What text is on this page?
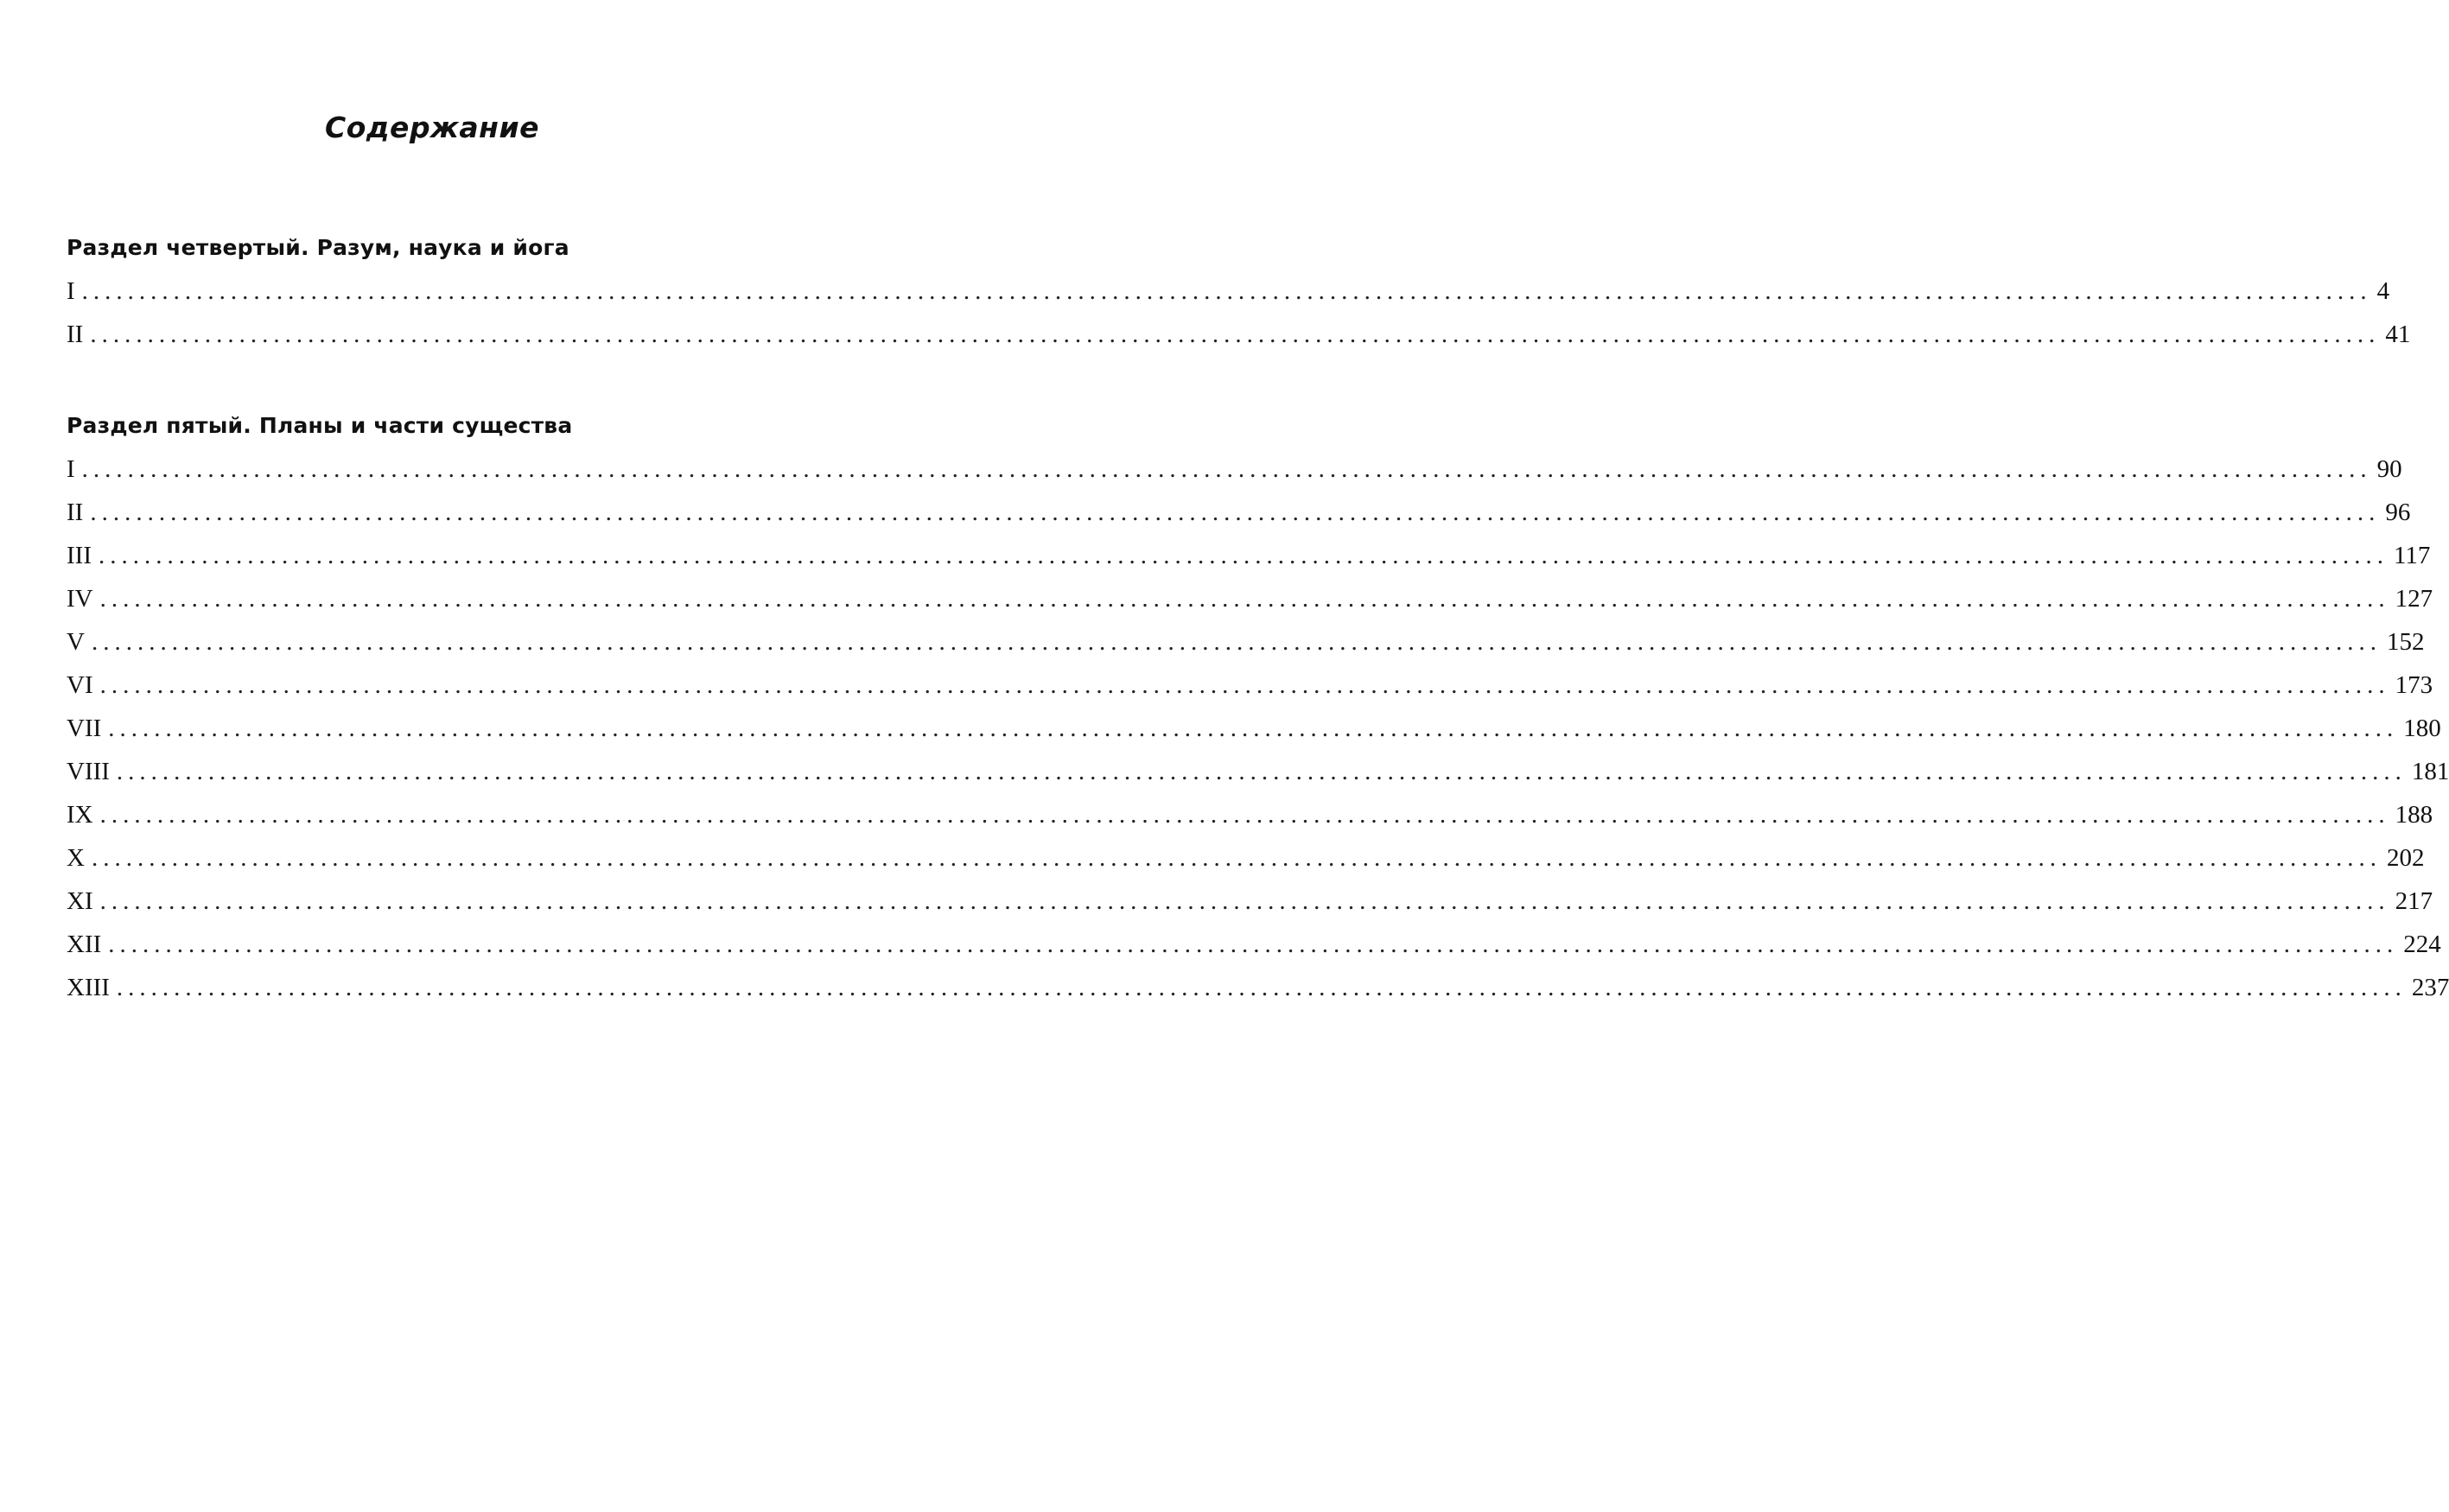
Содержание
Раздел четвертый. Разум, наука и йога
I ........................................................................................................................................................................................................ 4
II ........................................................................................................................................................................................................ 41
Раздел пятый. Планы и части существа
I ........................................................................................................................................................................................................ 90
II ........................................................................................................................................................................................................ 96
III ........................................................................................................................................................................................................ 117
IV ........................................................................................................................................................................................................ 127
V ........................................................................................................................................................................................................ 152
VI ........................................................................................................................................................................................................ 173
VII ........................................................................................................................................................................................................ 180
VIII ........................................................................................................................................................................................................ 181
IX ........................................................................................................................................................................................................ 188
X ........................................................................................................................................................................................................ 202
XI ........................................................................................................................................................................................................ 217
XII ........................................................................................................................................................................................................ 224
XIII ........................................................................................................................................................................................................ 237
